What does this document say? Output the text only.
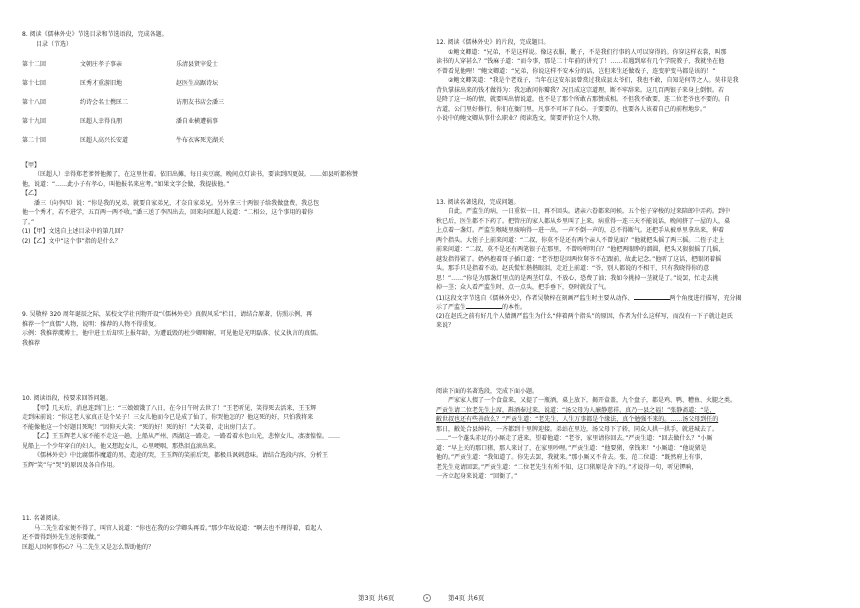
8. 阅读《儒林外史》节选目录和节选语段，完成各题。
目录（节选）
第十二回	文朝庄孝子事亲	乐清县贤宰爱士
第十七回	匡秀才重游旧地	赵医生高踞诗坛
第十八回	约诗会名士携匡二	访朋友书店会潘三
第十九回	匡超人幸得良朋	潘自业横遭祸事
第二十回	匡超人高兴长安道	牛布衣客死芜湖关
【甲】
（匡超人）幸得郑老爹替他搬了，在这里住着。依旧出摊，每日卖豆腐，晚间点灯读书，要读到四更鼓。……如县听都称赞
他，说道：“……此小子有孝心，叫他报名来应考。”如果文字会做，我提拔他。”
【乙】
潘三（向李四）说：“你是我的兄弟，就要自家弟兄，才奈自家弟兄。另外拿三十两银子给我做盘费，我总包
他一个秀才，若不进学，五百两一两不收。”潘三送了李四出去，回来向匡超人说道：“二相公，这个事用的着你
了。”
(1)【甲】文选自上述目录中的第几回？
(2)【乙】文中“这个事”指的是什么？
9. 吴敬梓 320 周年诞辰之际，某校文学社刊物开设“《儒林外史》真假风采”栏目，请结合原著，仿照示例，再
推荐一个“真儒”人物，说明：推荐的人物不得重复。
示例：我推荐虞博士，他中进士后却实上报年龄，为遭诋毁的杜少卿辩解，可见他是光明磊落、仗义执言的真儒。
我推荐
10. 阅读语段，按要求回答问题。
【甲】几天后，消息连到门上：“三娘娘饿了八日，在今日午时去世了！”王老听见，笑得死去活来，王玉辉
走到床前说：“你这老人家真正是个呆子！三女儿他而今已是成了仙了，你哭他怎的？他这死的好，只怕我将来
不能像他这一个好题目死呢！”因仰天大笑：“死的好！死的好！”大笑着，走出房门去了。
【乙】王玉辉老人家不能不走这一趟，上船从严州、西湖这一路走。一路看着水色山光，悲悼女儿，凄凄惶惶。……
见船上一个少年穿白的妇人，他又想起女儿，心里哽咽，那热泪直滚出来。
《儒林外史》中比腐儒作魔道的男，造途的哭，王玉辉的笑前后哭，都极具讽刺意味。请结合选段内容，分析王
玉辉“笑”与“哭”的原因及各自作用。
11. 名著阅读。
马二先生看家便不得了，叫官人说道：“你也在我的公学卿头再看。”那少年故说道：“啊去也不理得着，看起人
还不曾得到外先生送你要做。”
匡超人因何事伤心？马二先生又是怎么帮助他的？
12. 阅读《儒林外史》的片段，完成题目。
①鲍文卿道：“兄弟，不是这样说。像这衣服，靴子，不是我们行事的人可以穿得的。你穿这样衣裳，叫那
读书的人穿甚么？”钱麻子道：“而今事，那是二十年前的讲究了！……若遇到席有几个学院教子，我就坐在他
不曾看见他哩！”鲍文卿道：“兄弟，你说这样不安本分的话，岂但来生还做戏子，连变驴变马都是该的！”
②鲍文卿笑道：“我是个老戏子，当年在这安东县曾赏过我成县太爷们，我也不敢，自知是何等之人。莫非是我
背负掌抹出来的钱才做得为：我怎敢问你瓣我？况且成这宗道理，断不牢辞来。这几百两银子来身上倒恨。若
是降了这一场的情，就要叫出情说道，也不是了那个所敢占那赞成相。不但我不敢要，连二位老爷也不要的。自
古道，公门里好修行，你们在衙门里，凡事不可坏了良心。于要要的，也要各人该着自己的前程地步。”
小说中的鲍文卿从事什么职业？阅读选文，简要评价这个人物。
13. 阅读名著选段，完成问题。
自此，严监生的病，一日重似一日，再不回头。诸亲六眷都来问候。五个侄子穿梭的过来陪郎中弄药。到中
秋已后，医生都不下药了。把管庄的家人都从乡里叫了上来。病重得一连三天不能说话，晚间挤了一屋的人，桌
上点着一盏灯。严监生喉咙里痰响得一进一出，一声不倒一声的，总不得断气。还把手从被单里拿出来，伸着
两个指头。大侄子上前来问道：“二叔，你莫不是还有两个亲人不曾见面？”他就把头摇了两三摇。二侄子走上
前来问道：“二叔，莫不是还有两笔银子在那里，不曾吩咐明白？”他把两眼睁的溜圆，把头又狠狠摇了几摇，
越发指得紧了。奶妈抱着哥子插口道：“老爷想是因两位舅爷不在跟前，故此记念。”他听了这话，把眼闭着摇
头。那手只是指着不动。赵氏慌忙揩揩眼泪，走近上前道：“爷，别人都说的不相干，只有我晓得你的意
思！”……“你是为那盏灯里点的是两茎灯草，不放心，恐费了油；我如今挑掉一茎就是了。”说罢，忙走去挑
掉一茎；众人看严监生时，点一点头，把手垂下，登时就没了气。
(1)这段文字节选自《儒林外史》，作者吴敬梓在刻画严监生时主要从动作、	两个角度进行描写，充分揭
示了严监生	的本性。
(2)在赵氏之前有好几个人猜测严监生为什么“伸着两个指头”的原因，作者为什么这样写，而没有一下子就让赵氏
来说？
阅读下面的名著选段，完成下面小题。
严家家人掇了一个食盒来，又提了一瓶酒，桌上放下，揭开盒盖，九个盘子，都是鸡、鸭、糟鱼、火腿之类。
严贡生请二位老先生上席，斟酒奉过来，说道：“汤父母为人廉静慈祥，真乃一县之福！”张静斋道：“是，
敝世叔也还有些善政么？”严贡生道：“老先生，人生万事都是个缘法，真个勉强不来的。……汤父母到任的
那日，敝处合县绅衿，一齐都到十里牌迎接。弟站在里边，汤父母下了轿，同众人拱一拱手，就进城去了。
……”一个蓬头赤足的小厮走了进来，望着他道：“老爷，家里请你回去。”严贡生道：“回去做什么？”小厮
道：“早上关的那口猪，那人来讨了，在家里吵哩。”严贡生道：“他要猪，拿钱来！”小厮道：“他说猪是
他的。”严贡生道：“我知道了。你先去罢，我就来。”那小厮又不肯去。张、范二位道：“既然府上有事，
老先生竟请回罢。”严贡生道：“二位老先生有所不知，这口猪原是舍下的。”才说得一句，听见锣响，
一齐立起身来说道：“回衙了。”
第3页 共6页	第4页 共6页
